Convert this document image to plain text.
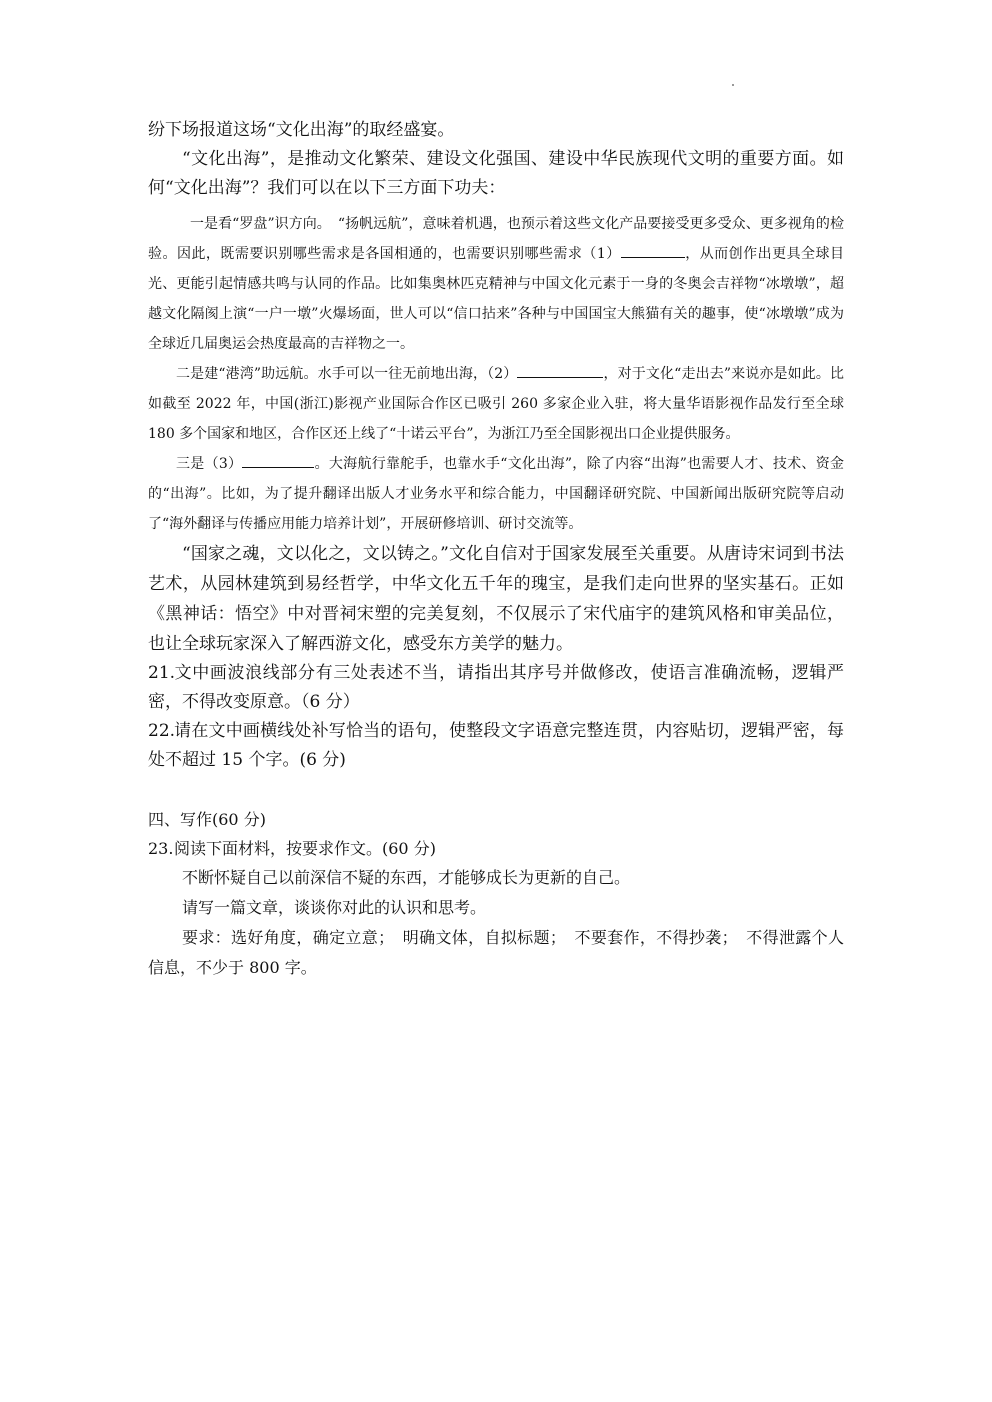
纷下场报道这场“文化出海”的取经盛宴。

“文化出海”，是推动文化繁荣、建设文化强国、建设中华民族现代文明的重要方面。如何“文化出海”？我们可以在以下三方面下功夫：

一是看“罗盘”识方向。　“扬帆远航”，意味着机遇，也预示着这些文化产品要接受更多受众、更多视角的检验。因此，既需要识别哪些需求是各国相通的，也需要识别哪些需求（1）	，从而创作出更具全球目光、更能引起情感共鸣与认同的作品。比如集奥林匹克精神与中国文化元素于一身的冬奥会吉祥物“冰墩墩”，超越文化隔阂上演“一户一墩”火爆场面，世人可以“信口拈来”各种与中国国宝大熊猫有关的趣事，使“冰墩墩”成为全球近几届奥运会热度最高的吉祥物之一。

二是建“港湾”助远航。水手可以一往无前地出海，（2）	，对于文化“走出去”来说亦是如此。比如截至 2022 年，中国(浙江)影视产业国际合作区已吸引 260 多家企业入驻，将大量华语影视作品发行至全球 180 多个国家和地区，合作区还上线了“十诺云平台”，为浙江乃至全国影视出口企业提供服务。

三是（3）	。大海航行靠舵手，也靠水手“文化出海”，除了内容“出海”也需要人才、技术、资金的“出海”。比如，为了提升翻译出版人才业务水平和综合能力，中国翻译研究院、中国新闻出版研究院等启动了“海外翻译与传播应用能力培养计划”，开展研修培训、研讨交流等。

“国家之魂，文以化之，文以铸之。”文化自信对于国家发展至关重要。从唐诗宋词到书法艺术，从园林建筑到易经哲学，中华文化五千年的瑰宝，是我们走向世界的坚实基石。正如《黑神话：悟空》中对晋祠宋塑的完美复刻，不仅展示了宋代庙宇的建筑风格和审美品位，也让全球玩家深入了解西游文化，感受东方美学的魅力。

21.文中画波浪线部分有三处表述不当，请指出其序号并做修改，使语言准确流畅，逻辑严密，不得改变原意。（6 分）

22.请在文中画横线处补写恰当的语句，使整段文字语意完整连贯，内容贴切，逻辑严密，每处不超过 15 个字。(6 分)

四、写作(60 分)

23.阅读下面材料，按要求作文。(60 分)

不断怀疑自己以前深信不疑的东西，才能够成长为更新的自己。

请写一篇文章，谈谈你对此的认识和思考。

要求：选好角度，确定立意；　明确文体，自拟标题；　不要套作，不得抄袭；　不得泄露个人信息，不少于 800 字。
